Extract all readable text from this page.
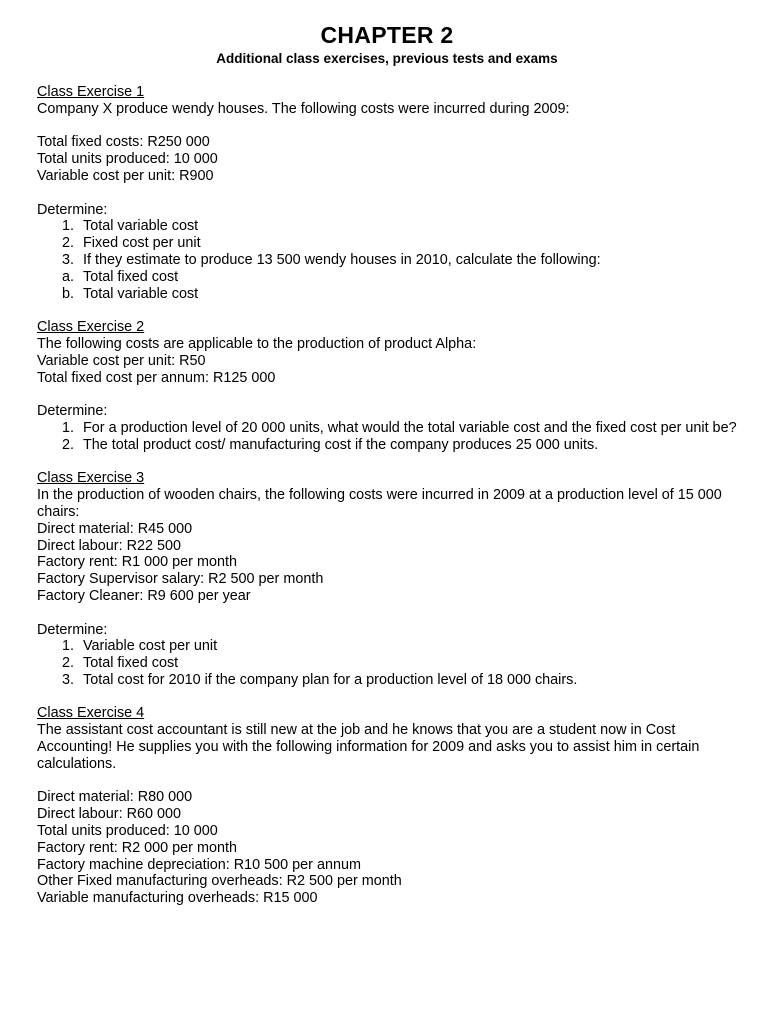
CHAPTER 2
Additional class exercises, previous tests and exams
Class Exercise 1
Company X produce wendy houses. The following costs were incurred during 2009:
Total fixed costs: R250 000
Total units produced: 10 000
Variable cost per unit: R900
Determine:
1. Total variable cost
2. Fixed cost per unit
3. If they estimate to produce 13 500 wendy houses in 2010, calculate the following:
a. Total fixed cost
b. Total variable cost
Class Exercise 2
The following costs are applicable to the production of product Alpha:
Variable cost per unit: R50
Total fixed cost per annum: R125 000
Determine:
1. For a production level of 20 000 units, what would the total variable cost and the fixed cost per unit be?
2. The total product cost/ manufacturing cost if the company produces 25 000 units.
Class Exercise 3
In the production of wooden chairs, the following costs were incurred in 2009 at a production level of 15 000 chairs:
Direct material: R45 000
Direct labour: R22 500
Factory rent: R1 000 per month
Factory Supervisor salary: R2 500 per month
Factory Cleaner: R9 600 per year
Determine:
1. Variable cost per unit
2. Total fixed cost
3. Total cost for 2010 if the company plan for a production level of 18 000 chairs.
Class Exercise 4
The assistant cost accountant is still new at the job and he knows that you are a student now in Cost Accounting! He supplies you with the following information for 2009 and asks you to assist him in certain calculations.
Direct material: R80 000
Direct labour: R60 000
Total units produced: 10 000
Factory rent: R2 000 per month
Factory machine depreciation: R10 500 per annum
Other Fixed manufacturing overheads: R2 500 per month
Variable manufacturing overheads: R15 000
